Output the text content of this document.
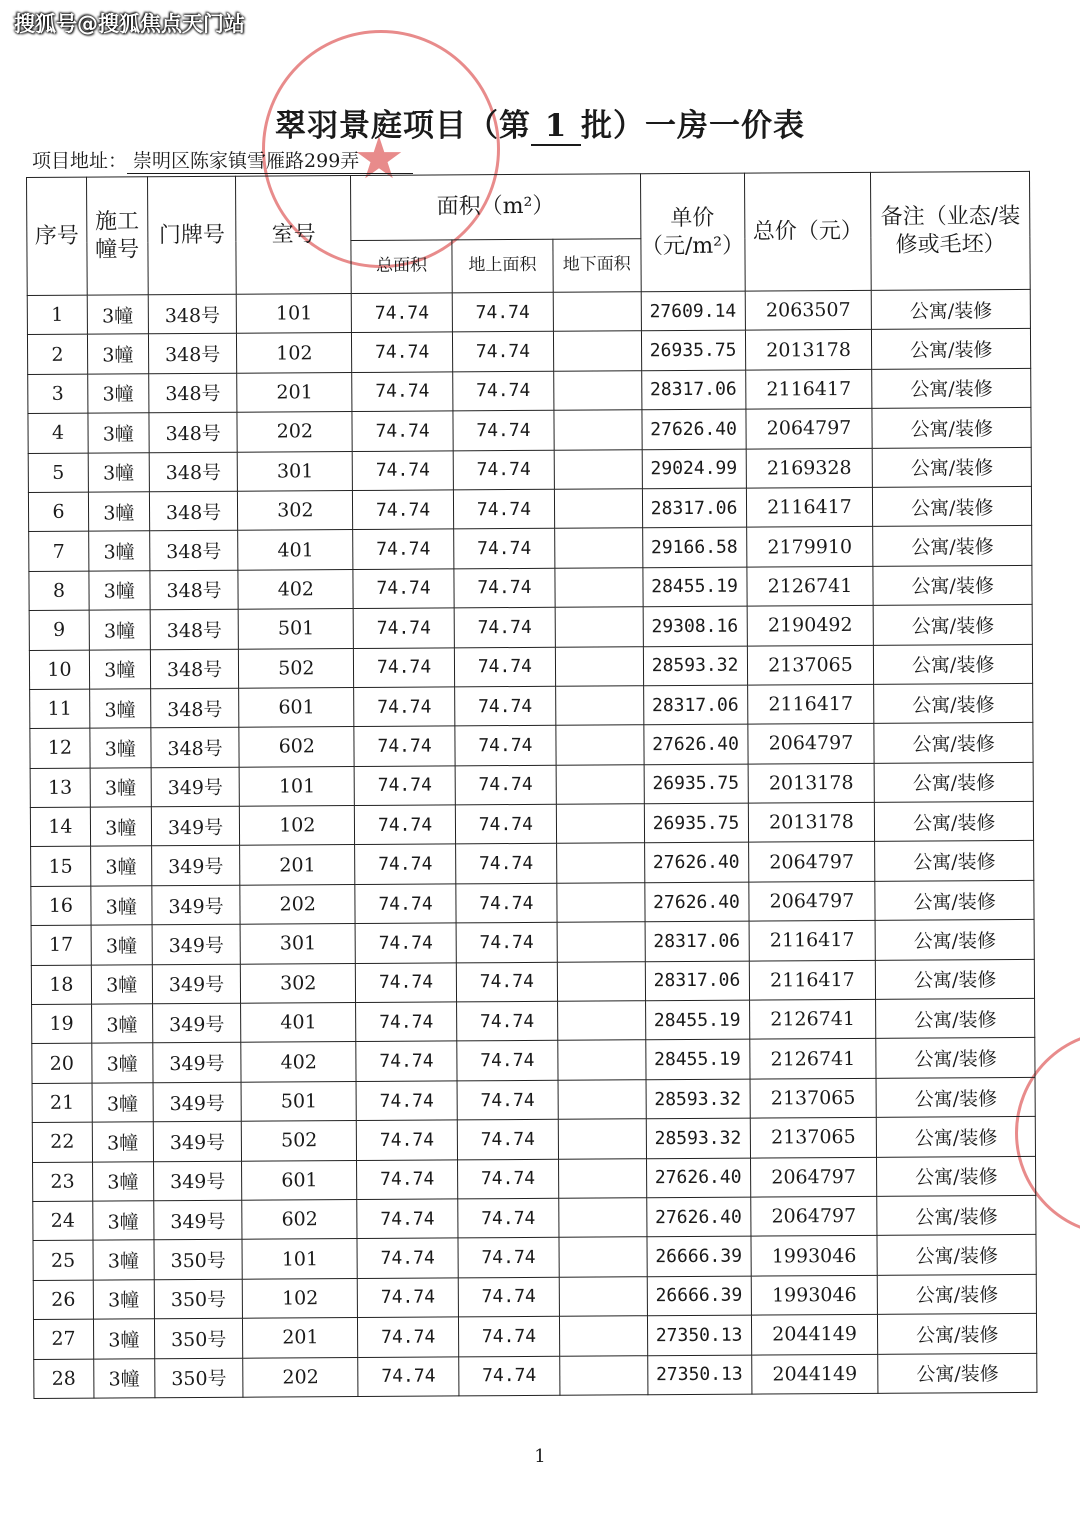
搜狐号@搜狐焦点天门站
★
翠羽景庭项目（第 1 批）一房一价表
项目地址： 崇明区陈家镇雪雁路299弄
序号	施工幢号	门牌号	室号	面积（m²）			单价（元/m²）	总价（元）	备注（业态/装修或毛坯）
				总面积	地上面积	地下面积			
1	3幢	348号	101	74.74	74.74		27609.14	2063507	公寓/装修
2	3幢	348号	102	74.74	74.74		26935.75	2013178	公寓/装修
3	3幢	348号	201	74.74	74.74		28317.06	2116417	公寓/装修
4	3幢	348号	202	74.74	74.74		27626.40	2064797	公寓/装修
5	3幢	348号	301	74.74	74.74		29024.99	2169328	公寓/装修
6	3幢	348号	302	74.74	74.74		28317.06	2116417	公寓/装修
7	3幢	348号	401	74.74	74.74		29166.58	2179910	公寓/装修
8	3幢	348号	402	74.74	74.74		28455.19	2126741	公寓/装修
9	3幢	348号	501	74.74	74.74		29308.16	2190492	公寓/装修
10	3幢	348号	502	74.74	74.74		28593.32	2137065	公寓/装修
11	3幢	348号	601	74.74	74.74		28317.06	2116417	公寓/装修
12	3幢	348号	602	74.74	74.74		27626.40	2064797	公寓/装修
13	3幢	349号	101	74.74	74.74		26935.75	2013178	公寓/装修
14	3幢	349号	102	74.74	74.74		26935.75	2013178	公寓/装修
15	3幢	349号	201	74.74	74.74		27626.40	2064797	公寓/装修
16	3幢	349号	202	74.74	74.74		27626.40	2064797	公寓/装修
17	3幢	349号	301	74.74	74.74		28317.06	2116417	公寓/装修
18	3幢	349号	302	74.74	74.74		28317.06	2116417	公寓/装修
19	3幢	349号	401	74.74	74.74		28455.19	2126741	公寓/装修
20	3幢	349号	402	74.74	74.74		28455.19	2126741	公寓/装修
21	3幢	349号	501	74.74	74.74		28593.32	2137065	公寓/装修
22	3幢	349号	502	74.74	74.74		28593.32	2137065	公寓/装修
23	3幢	349号	601	74.74	74.74		27626.40	2064797	公寓/装修
24	3幢	349号	602	74.74	74.74		27626.40	2064797	公寓/装修
25	3幢	350号	101	74.74	74.74		26666.39	1993046	公寓/装修
26	3幢	350号	102	74.74	74.74		26666.39	1993046	公寓/装修
27	3幢	350号	201	74.74	74.74		27350.13	2044149	公寓/装修
28	3幢	350号	202	74.74	74.74		27350.13	2044149	公寓/装修
1
